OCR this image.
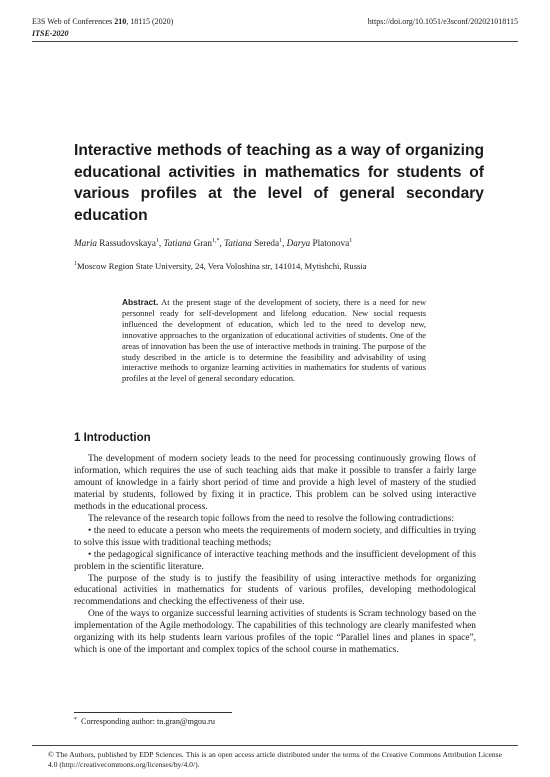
E3S Web of Conferences 210, 18115 (2020)	https://doi.org/10.1051/e3sconf/202021018115
ITSE-2020
Interactive methods of teaching as a way of organizing educational activities in mathematics for students of various profiles at the level of general secondary education
Maria Rassudovskaya$^1$, Tatiana Gran$^{1,*}$, Tatiana Sereda$^1$, Darya Platonova$^1$
$^1$Moscow Region State University, 24, Vera Voloshina str, 141014, Mytishchi, Russia

Abstract. At the present stage of the development of society, there is a need for new personnel ready for self-development and lifelong education. New social requests influenced the development of education, which led to the need to develop new, innovative approaches to the organization of educational activities of students. One of the areas of innovation has been the use of interactive methods in training. The purpose of the study described in the article is to determine the feasibility and advisability of using interactive methods to organize learning activities in mathematics for students of various profiles at the level of general secondary education.

1 Introduction

The development of modern society leads to the need for processing continuously growing flows of information, which requires the use of such teaching aids that make it possible to transfer a fairly large amount of knowledge in a fairly short period of time and provide a high level of mastery of the studied material by students, followed by fixing it in practice. This problem can be solved using interactive methods in the educational process.

The relevance of the research topic follows from the need to resolve the following contradictions:

• the need to educate a person who meets the requirements of modern society, and difficulties in trying to solve this issue with traditional teaching methods;

• the pedagogical significance of interactive teaching methods and the insufficient development of this problem in the scientific literature.

The purpose of the study is to justify the feasibility of using interactive methods for organizing educational activities in mathematics for students of various profiles, developing methodological recommendations and checking the effectiveness of their use.

One of the ways to organize successful learning activities of students is Scram technology based on the implementation of the Agile methodology. The capabilities of this technology are clearly manifested when organizing with its help students learn various profiles of the topic “Parallel lines and planes in space”, which is one of the important and complex topics of the school course in mathematics.

* Corresponding author: tn.gran@mgou.ru

© The Authors, published by EDP Sciences. This is an open access article distributed under the terms of the Creative Commons Attribution License 4.0 (http://creativecommons.org/licenses/by/4.0/).
